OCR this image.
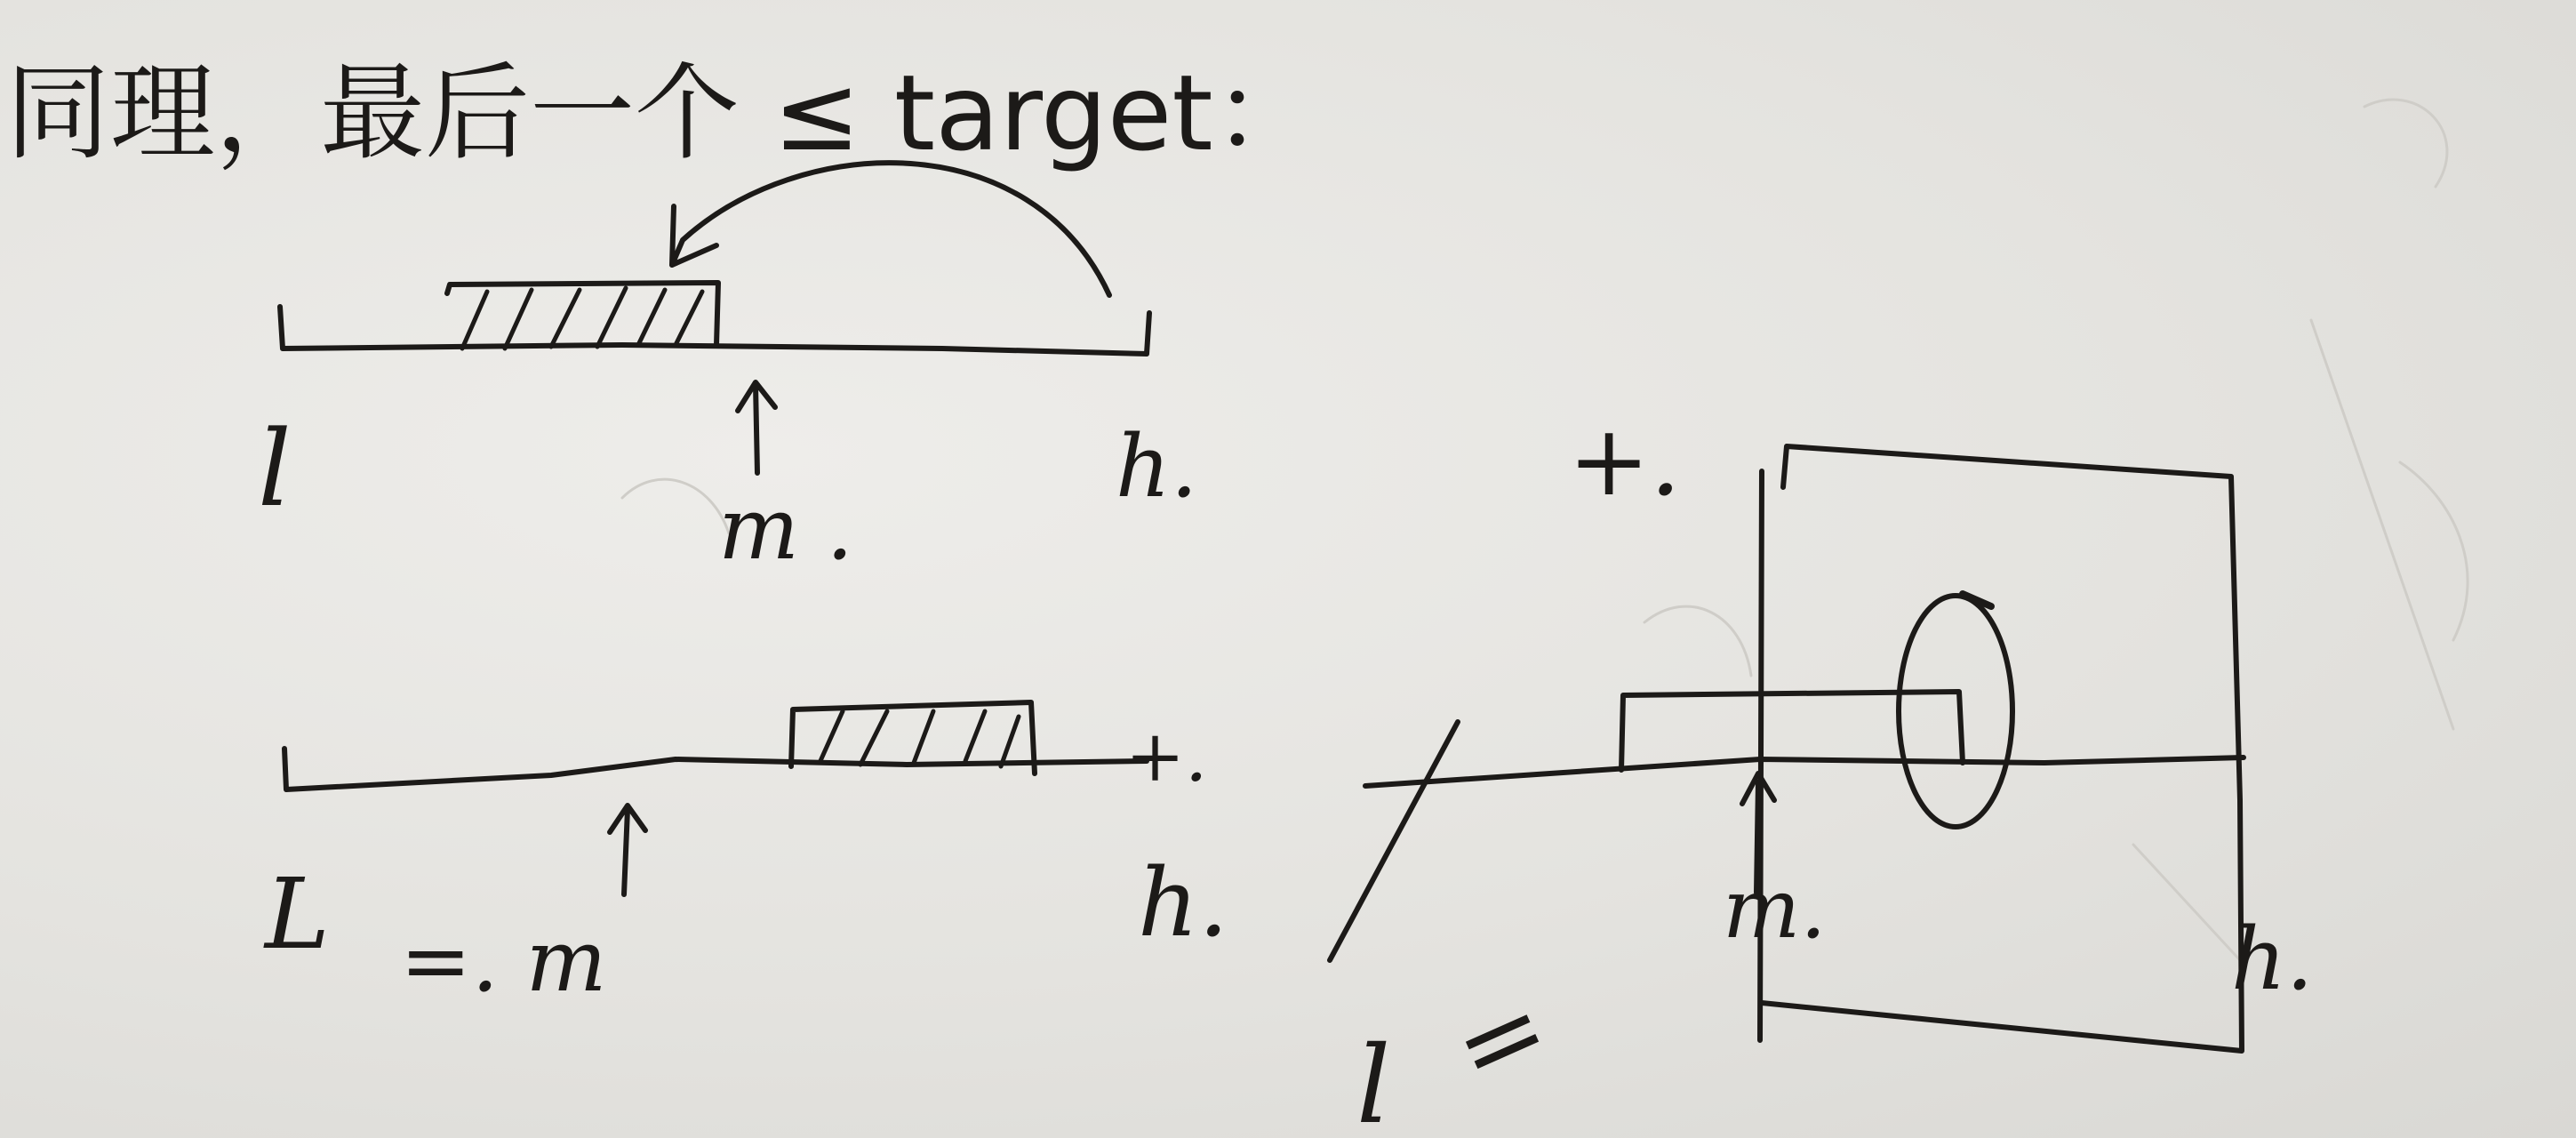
同理，最后一个 ≤ target：
l	m .
h.
+.
L =. m
h.
+.
m.
h.
l =
